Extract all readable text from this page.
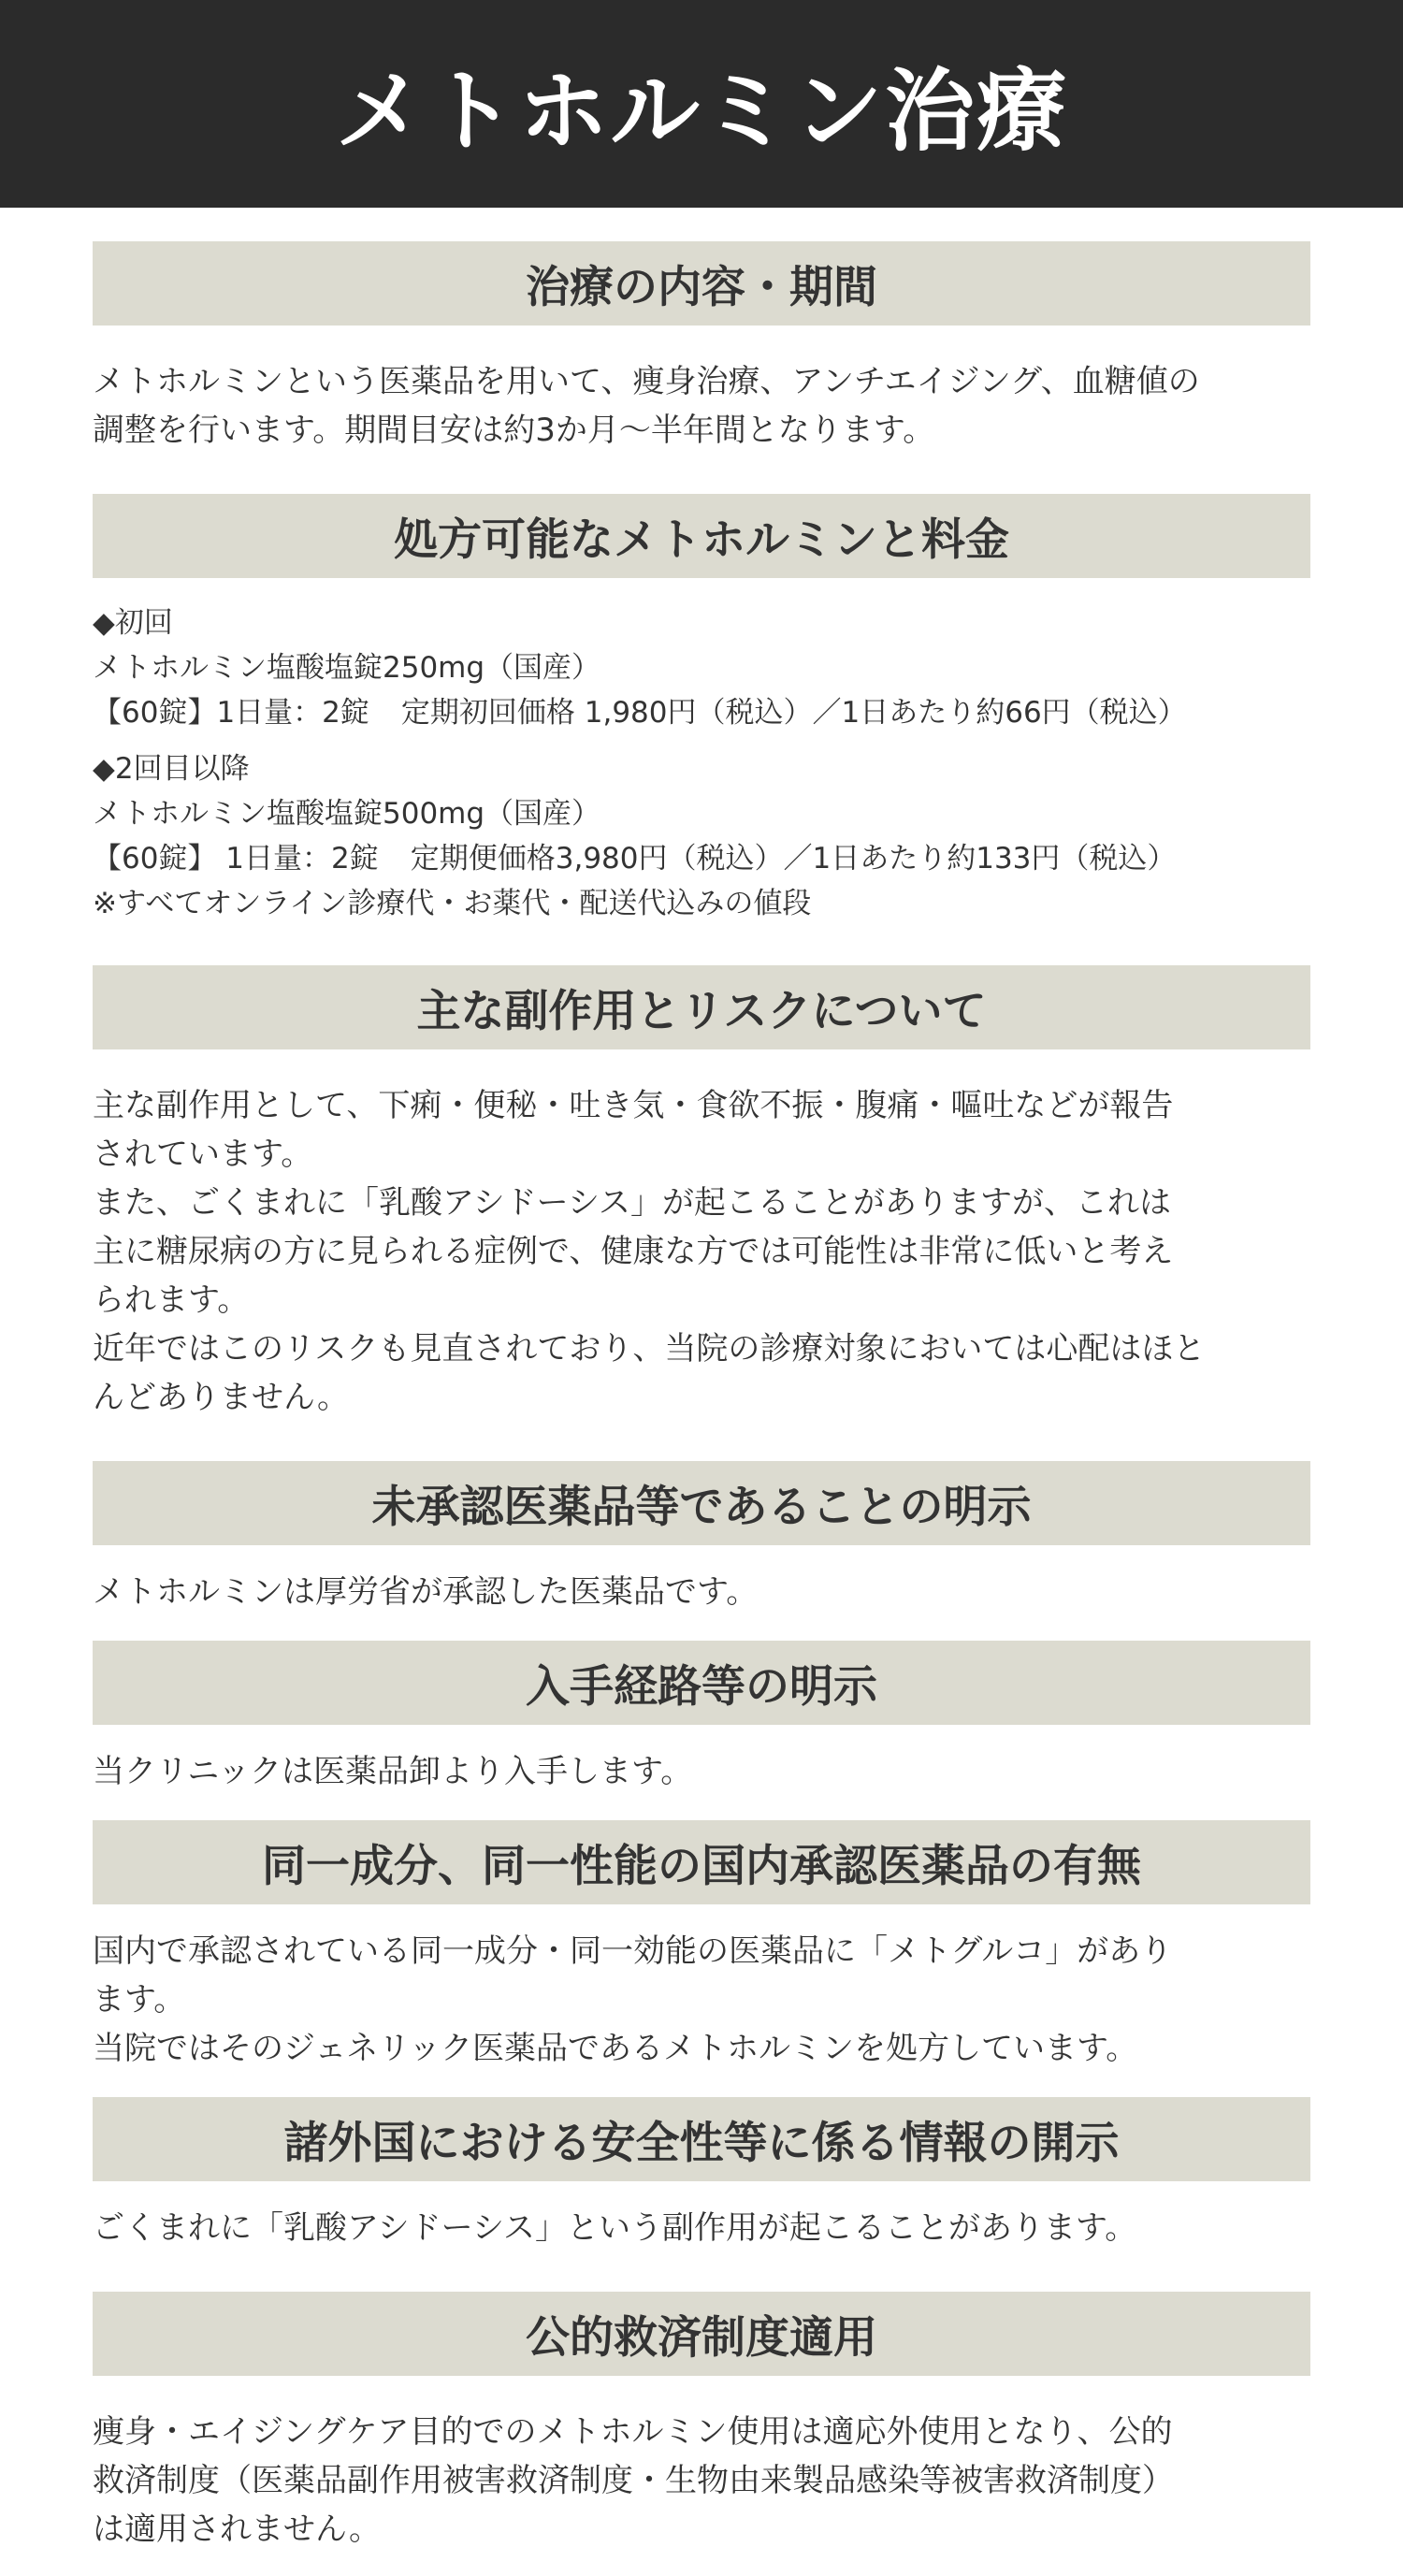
メトホルミン治療
治療の内容・期間

メトホルミンという医薬品を用いて、痩身治療、アンチエイジング、血糖値の

調整を行います。期間目安は約3か月〜半年間となります。

処方可能なメトホルミンと料金

◆初回

メトホルミン塩酸塩錠250mg（国産）

【60錠】1日量：2錠 定期初回価格 1,980円（税込）／1日あたり約66円（税込）

◆2回目以降

メトホルミン塩酸塩錠500mg（国産）

【60錠】 1日量：2錠 定期便価格3,980円（税込）／1日あたり約133円（税込）

※すべてオンライン診療代・お薬代・配送代込みの値段

主な副作用とリスクについて

主な副作用として、下痢・便秘・吐き気・食欲不振・腹痛・嘔吐などが報告

されています。

また、ごくまれに「乳酸アシドーシス」が起こることがありますが、これは

主に糖尿病の方に見られる症例で、健康な方では可能性は非常に低いと考え

られます。

近年ではこのリスクも見直されており、当院の診療対象においては心配はほと

んどありません。

未承認医薬品等であることの明示

メトホルミンは厚労省が承認した医薬品です。

入手経路等の明示

当クリニックは医薬品卸より入手します。

同一成分、同一性能の国内承認医薬品の有無

国内で承認されている同一成分・同一効能の医薬品に「メトグルコ」があり

ます。

当院ではそのジェネリック医薬品であるメトホルミンを処方しています。

諸外国における安全性等に係る情報の開示

ごくまれに「乳酸アシドーシス」という副作用が起こることがあります。

公的救済制度適用

痩身・エイジングケア目的でのメトホルミン使用は適応外使用となり、公的

救済制度（医薬品副作用被害救済制度・生物由来製品感染等被害救済制度）

は適用されません。
